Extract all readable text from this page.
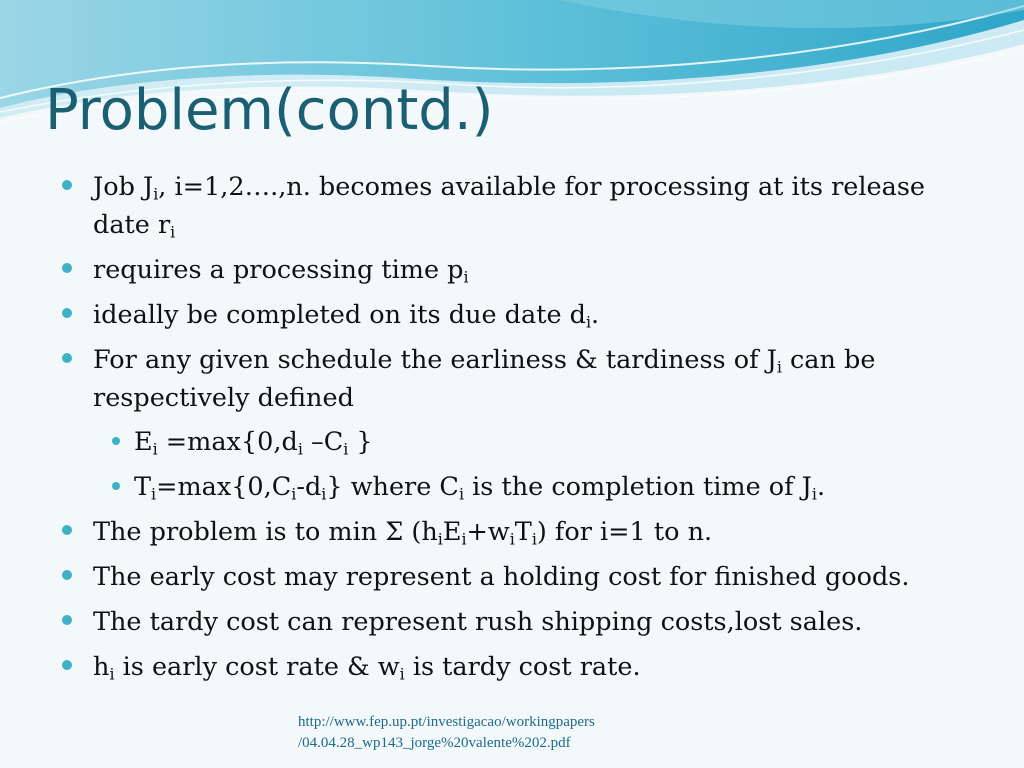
Problem(contd.)
Job $J_i$, i=1,2….,n. becomes available for processing at its release date $r_i$
requires a processing time $p_i$
ideally be completed on its due date $d_i$.
For any given schedule the earliness & tardiness of $J_i$ can be respectively defined
$E_i =\max\{0,d_i$ $-C_i$ }
$T_i=\max\{0,C_i-d_i\}$ where $C_i$ is the completion time of $J_i$.
The problem is to min Σ $(h_iE_i+w_iT_i)$ for i=1 to n.
The early cost may represent a holding cost for finished goods.
The tardy cost can represent rush shipping costs,lost sales.
$h_i$ is early cost rate & $w_i$ is tardy cost rate.
http://www.fep.up.pt/investigacao/workingpapers
/04.04.28_wp143_jorge%20valente%202.pdf
